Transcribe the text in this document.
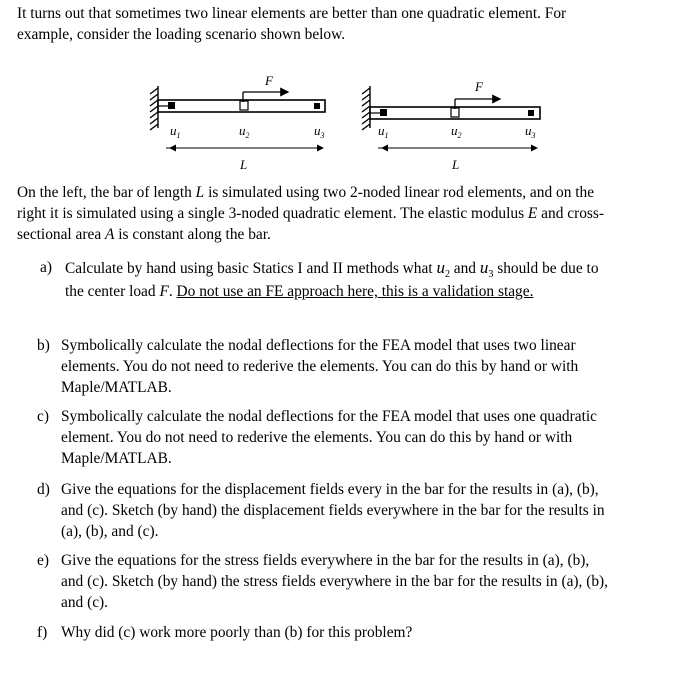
It turns out that sometimes two linear elements are better than one quadratic element. For
example, consider the loading scenario shown below.
F
$u_1$	$u_2$	$u_3$
L
F
$u_1$	$u_2$	$u_3$
L
On the left, the bar of length L is simulated using two 2-noded linear rod elements, and on the
right it is simulated using a single 3-noded quadratic element. The elastic modulus E and cross-
sectional area A is constant along the bar.
a) Calculate by hand using basic Statics I and II methods what $u_2$ and $u_3$ should be due to
the center load F. Do not use an FE approach here, this is a validation stage.
b) Symbolically calculate the nodal deflections for the FEA model that uses two linear
elements. You do not need to rederive the elements. You can do this by hand or with
Maple/MATLAB.
c) Symbolically calculate the nodal deflections for the FEA model that uses one quadratic
element. You do not need to rederive the elements. You can do this by hand or with
Maple/MATLAB.
d) Give the equations for the displacement fields every in the bar for the results in (a), (b),
and (c). Sketch (by hand) the displacement fields everywhere in the bar for the results in
(a), (b), and (c).
e) Give the equations for the stress fields everywhere in the bar for the results in (a), (b),
and (c). Sketch (by hand) the stress fields everywhere in the bar for the results in (a), (b),
and (c).
f) Why did (c) work more poorly than (b) for this problem?
